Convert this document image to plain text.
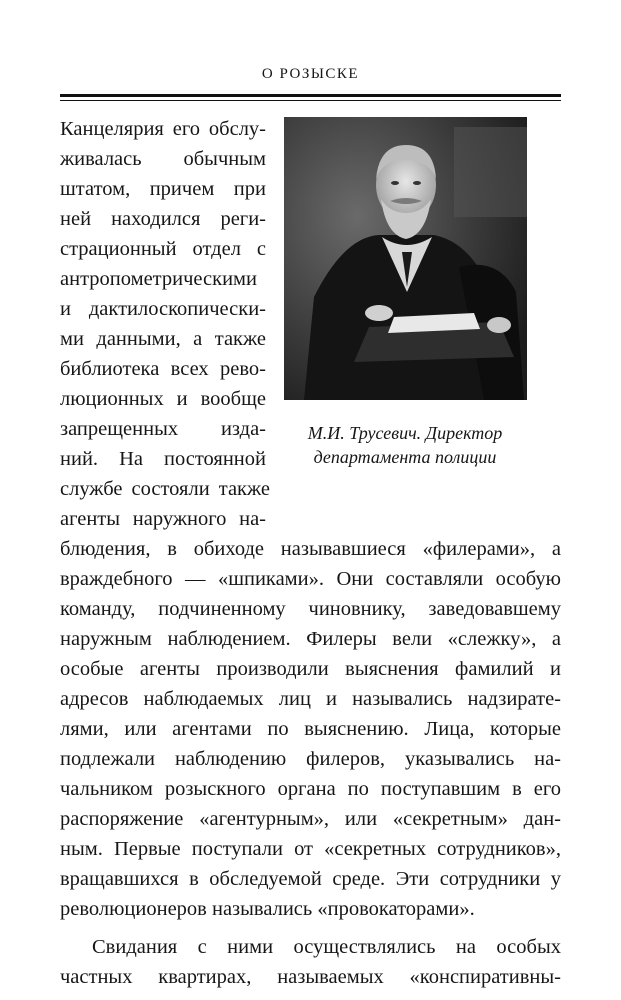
О РОЗЫСКЕ
Канцелярия его обслу-
живалась обычным
штатом, причем при
ней находился реги-
страционный отдел с
антропометрическими
и дактилоскопически-
ми данными, а также
библиотека всех рево-
люционных и вообще
запрещенных изда-
ний. На постоянной
службе состояли также
агенты наружного на-
М.И. Трусевич. Директор
департамента полиции
блюдения, в обиходе называвшиеся «филерами», а
враждебного — «шпиками». Они составляли особую
команду, подчиненному чиновнику, заведовавшему
наружным наблюдением. Филеры вели «слежку», а
особые агенты производили выяснения фамилий и
адресов наблюдаемых лиц и назывались надзирате-
лями, или агентами по выяснению. Лица, которые
подлежали наблюдению филеров, указывались на-
чальником розыскного органа по поступавшим в его
распоряжение «агентурным», или «секретным» дан-
ным. Первые поступали от «секретных сотрудников»,
вращавшихся в обследуемой среде. Эти сотрудники у
революционеров назывались «провокаторами».
Свидания с ними осуществлялись на особых
частных квартирах, называемых «конспиративны-
